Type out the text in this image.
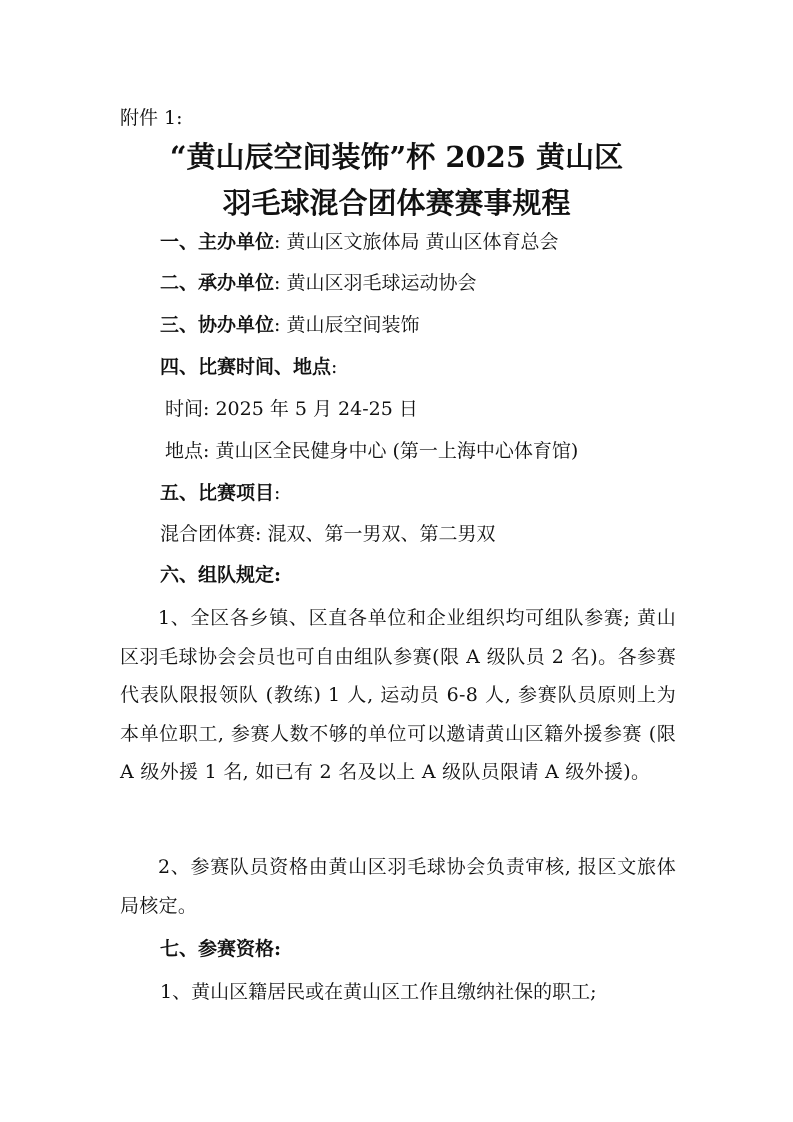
附件 1:
“黄山辰空间装饰”杯 2025 黄山区
羽毛球混合团体赛赛事规程
一、主办单位: 黄山区文旅体局 黄山区体育总会
二、承办单位: 黄山区羽毛球运动协会
三、协办单位: 黄山辰空间装饰
四、比赛时间、地点:
时间: 2025 年 5 月 24-25 日
地点: 黄山区全民健身中心 (第一上海中心体育馆)
五、比赛项目:
混合团体赛: 混双、第一男双、第二男双
六、组队规定:
1、全区各乡镇、区直各单位和企业组织均可组队参赛; 黄山区羽毛球协会会员也可自由组队参赛(限 A 级队员 2 名)。各参赛代表队限报领队 (教练) 1 人, 运动员 6-8 人, 参赛队员原则上为本单位职工, 参赛人数不够的单位可以邀请黄山区籍外援参赛 (限 A 级外援 1 名, 如已有 2 名及以上 A 级队员限请 A 级外援)。
2、参赛队员资格由黄山区羽毛球协会负责审核, 报区文旅体局核定。
七、参赛资格:
1、黄山区籍居民或在黄山区工作且缴纳社保的职工;
